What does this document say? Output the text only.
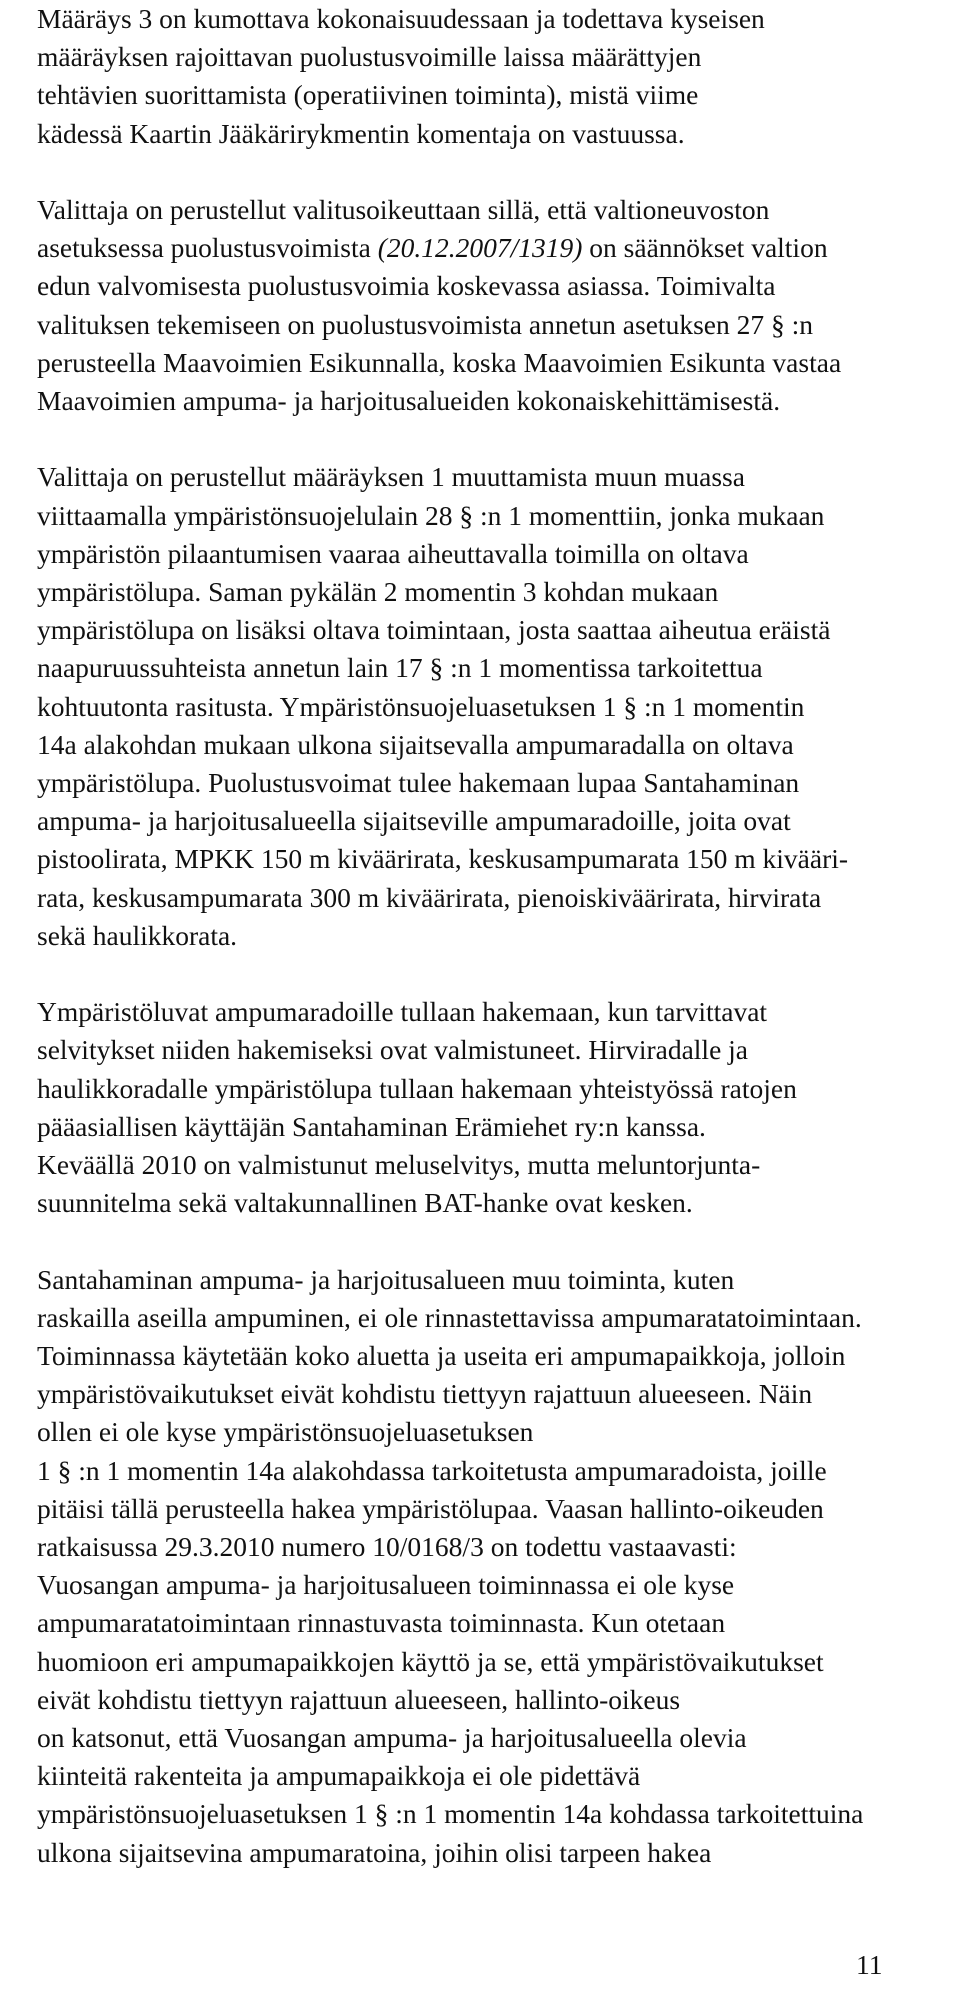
Määräys 3 on kumottava kokonaisuudessaan ja todettava kyseisen
määräyksen rajoittavan puolustusvoimille laissa määrättyjen
tehtävien suorittamista (operatiivinen toiminta), mistä viime
kädessä Kaartin Jääkärirykmentin komentaja on vastuussa.

Valittaja on perustellut valitusoikeuttaan sillä, että valtioneuvoston
asetuksessa puolustusvoimista (20.12.2007/1319) on säännökset valtion
edun valvomisesta puolustusvoimia koskevassa asiassa. Toimivalta
valituksen tekemiseen on puolustusvoimista annetun asetuksen 27 § :n
perusteella Maavoimien Esikunnalla, koska Maavoimien Esikunta vastaa
Maavoimien ampuma- ja harjoitusalueiden kokonaiskehittämisestä.

Valittaja on perustellut määräyksen 1 muuttamista muun muassa
viittaamalla ympäristönsuojelulain 28 § :n 1 momenttiin, jonka mukaan
ympäristön pilaantumisen vaaraa aiheuttavalla toimilla on oltava
ympäristölupa. Saman pykälän 2 momentin 3 kohdan mukaan
ympäristölupa on lisäksi oltava toimintaan, josta saattaa aiheutua eräistä
naapuruussuhteista annetun lain 17 § :n 1 momentissa tarkoitettua
kohtuutonta rasitusta. Ympäristönsuojeluasetuksen 1 § :n 1 momentin
14a alakohdan mukaan ulkona sijaitsevalla ampumaradalla on oltava
ympäristölupa. Puolustusvoimat tulee hakemaan lupaa Santahaminan
ampuma- ja harjoitusalueella sijaitseville ampumaradoille, joita ovat
pistoolirata, MPKK 150 m kiväärirata, keskusampumarata 150 m kivääri-
rata, keskusampumarata 300 m kiväärirata, pienoiskiväärirata, hirvirata
sekä haulikkorata.

Ympäristöluvat ampumaradoille tullaan hakemaan, kun tarvittavat
selvitykset niiden hakemiseksi ovat valmistuneet. Hirviradalle ja
haulikkoradalle ympäristölupa tullaan hakemaan yhteistyössä ratojen
pääasiallisen käyttäjän Santahaminan Erämiehet ry:n kanssa.
Keväällä 2010 on valmistunut meluselvitys, mutta meluntorjunta-
suunnitelma sekä valtakunnallinen BAT-hanke ovat kesken.

Santahaminan ampuma- ja harjoitusalueen muu toiminta, kuten
raskailla aseilla ampuminen, ei ole rinnastettavissa ampumaratatoimintaan.
Toiminnassa käytetään koko aluetta ja useita eri ampumapaikkoja, jolloin
ympäristövaikutukset eivät kohdistu tiettyyn rajattuun alueeseen. Näin
ollen ei ole kyse ympäristönsuojeluasetuksen
1 § :n 1 momentin 14a alakohdassa tarkoitetusta ampumaradoista, joille
pitäisi tällä perusteella hakea ympäristölupaa. Vaasan hallinto-oikeuden
ratkaisussa 29.3.2010 numero 10/0168/3 on todettu vastaavasti:
Vuosangan ampuma- ja harjoitusalueen toiminnassa ei ole kyse
ampumaratatoimintaan rinnastuvasta toiminnasta. Kun otetaan
huomioon eri ampumapaikkojen käyttö ja se, että ympäristövaikutukset
eivät kohdistu tiettyyn rajattuun alueeseen, hallinto-oikeus
on katsonut, että Vuosangan ampuma- ja harjoitusalueella olevia
kiinteitä rakenteita ja ampumapaikkoja ei ole pidettävä
ympäristönsuojeluasetuksen 1 § :n 1 momentin 14a kohdassa tarkoitettuina
ulkona sijaitsevina ampumaratoina, joihin olisi tarpeen hakea

11
